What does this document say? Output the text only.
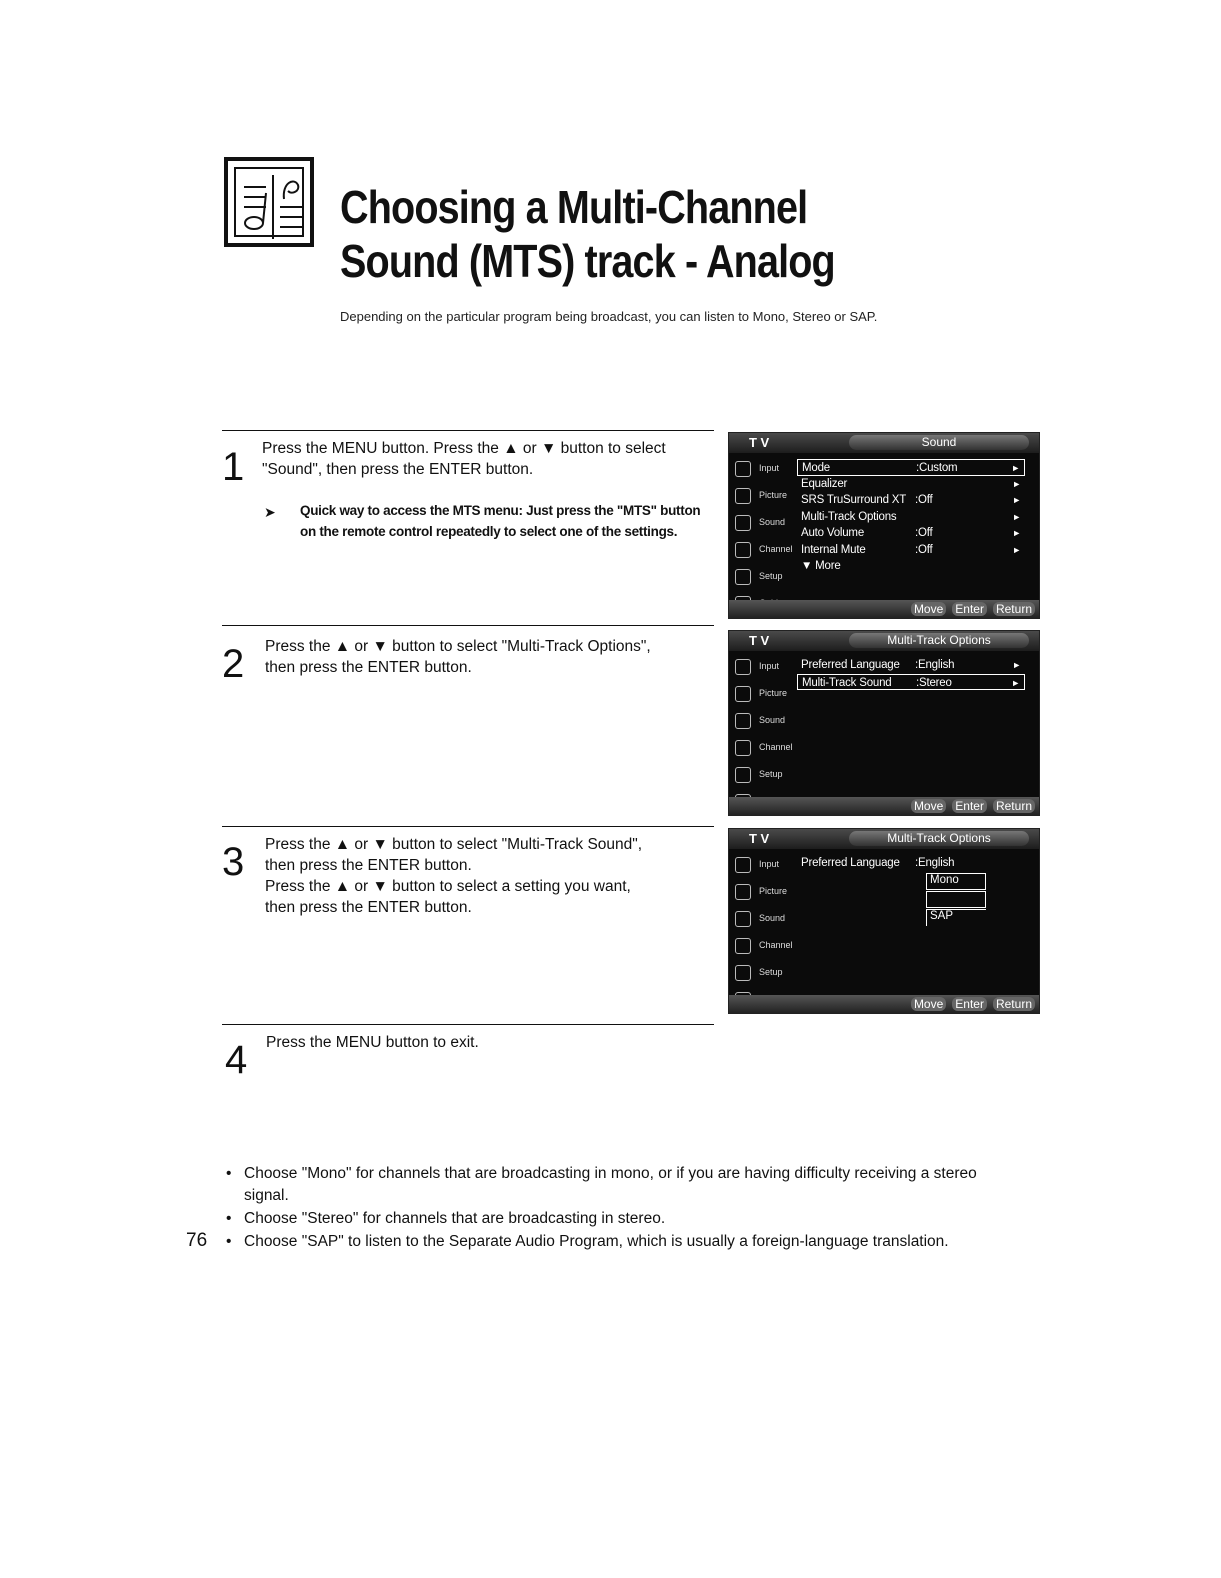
Choosing a Multi-Channel
Sound (MTS) track - Analog
Depending on the particular program being broadcast, you can listen to Mono, Stereo or SAP.
1 Press the MENU button. Press the ▲ or ▼ button to select
"Sound", then press the ENTER button.
➤ Quick way to access the MTS menu: Just press the "MTS" button
on the remote control repeatedly to select one of the settings.
T V	Sound
Input
Picture
Sound
Channel
Setup
Mode	:Custom	►
Equalizer	►
SRS TruSurround XT :Off	►
Multi-Track Options	►
Auto Volume	:Off	►
Internal Mute	:Off	►
▼ More
Move Enter Return
2 Press the ▲ or ▼ button to select "Multi-Track Options",
then press the ENTER button.
T V	Multi-Track Options
Input
Picture
Sound
Channel
Setup
Preferred Language :English	►
Multi-Track Sound :Stereo	►
Move Enter Return
3 Press the ▲ or ▼ button to select "Multi-Track Sound",
then press the ENTER button.
Press the ▲ or ▼ button to select a setting you want,
then press the ENTER button.
T V	Multi-Track Options
Input
Picture
Sound
Channel
Setup
Preferred Language :English
Mono
SAP
Move Enter Return
4 Press the MENU button to exit.
• Choose "Mono" for channels that are broadcasting in mono, or if you are having difficulty receiving a stereo signal.
• Choose "Stereo" for channels that are broadcasting in stereo.
• Choose "SAP" to listen to the Separate Audio Program, which is usually a foreign-language translation.
76
